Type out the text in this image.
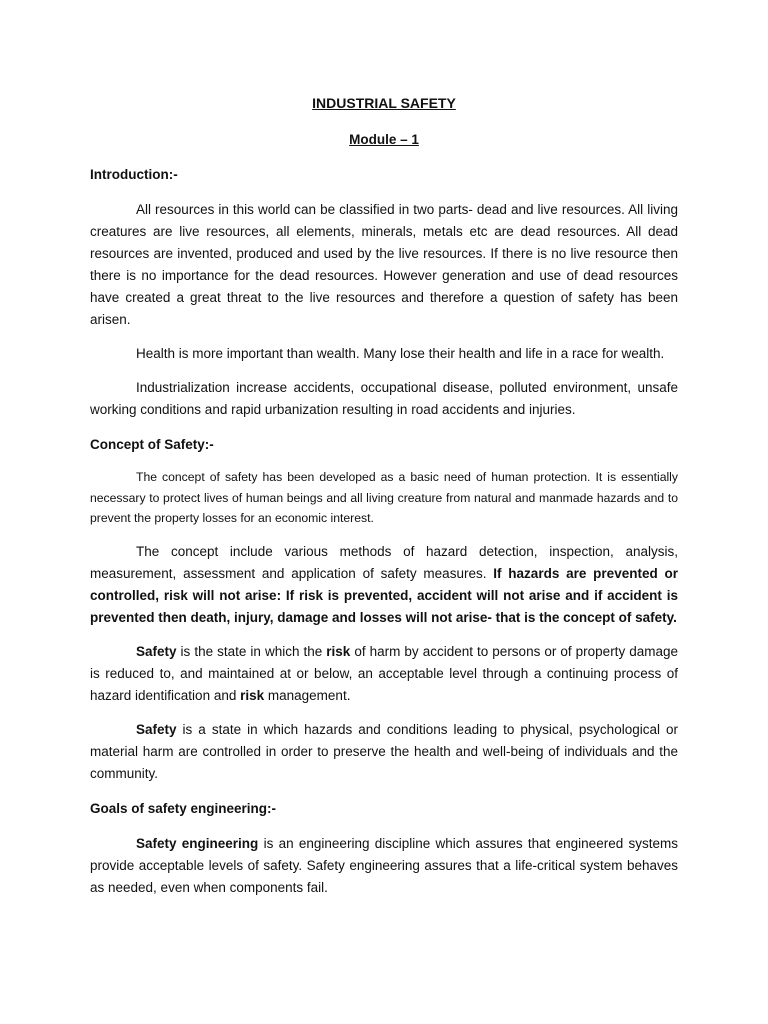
INDUSTRIAL SAFETY
Module – 1

Introduction:-

All resources in this world can be classified in two parts- dead and live resources. All living creatures are live resources, all elements, minerals, metals etc are dead resources. All dead resources are invented, produced and used by the live resources. If there is no live resource then there is no importance for the dead resources. However generation and use of dead resources have created a great threat to the live resources and therefore a question of safety has been arisen.

Health is more important than wealth. Many lose their health and life in a race for wealth.

Industrialization increase accidents, occupational disease, polluted environment, unsafe working conditions and rapid urbanization resulting in road accidents and injuries.

Concept of Safety:-

The concept of safety has been developed as a basic need of human protection. It is essentially necessary to protect lives of human beings and all living creature from natural and manmade hazards and to prevent the property losses for an economic interest.

The concept include various methods of hazard detection, inspection, analysis, measurement, assessment and application of safety measures. If hazards are prevented or controlled, risk will not arise: If risk is prevented, accident will not arise and if accident is prevented then death, injury, damage and losses will not arise- that is the concept of safety.

Safety is the state in which the risk of harm by accident to persons or of property damage is reduced to, and maintained at or below, an acceptable level through a continuing process of hazard identification and risk management.

Safety is a state in which hazards and conditions leading to physical, psychological or material harm are controlled in order to preserve the health and well-being of individuals and the community.

Goals of safety engineering:-

Safety engineering is an engineering discipline which assures that engineered systems provide acceptable levels of safety. Safety engineering assures that a life-critical system behaves as needed, even when components fail.
